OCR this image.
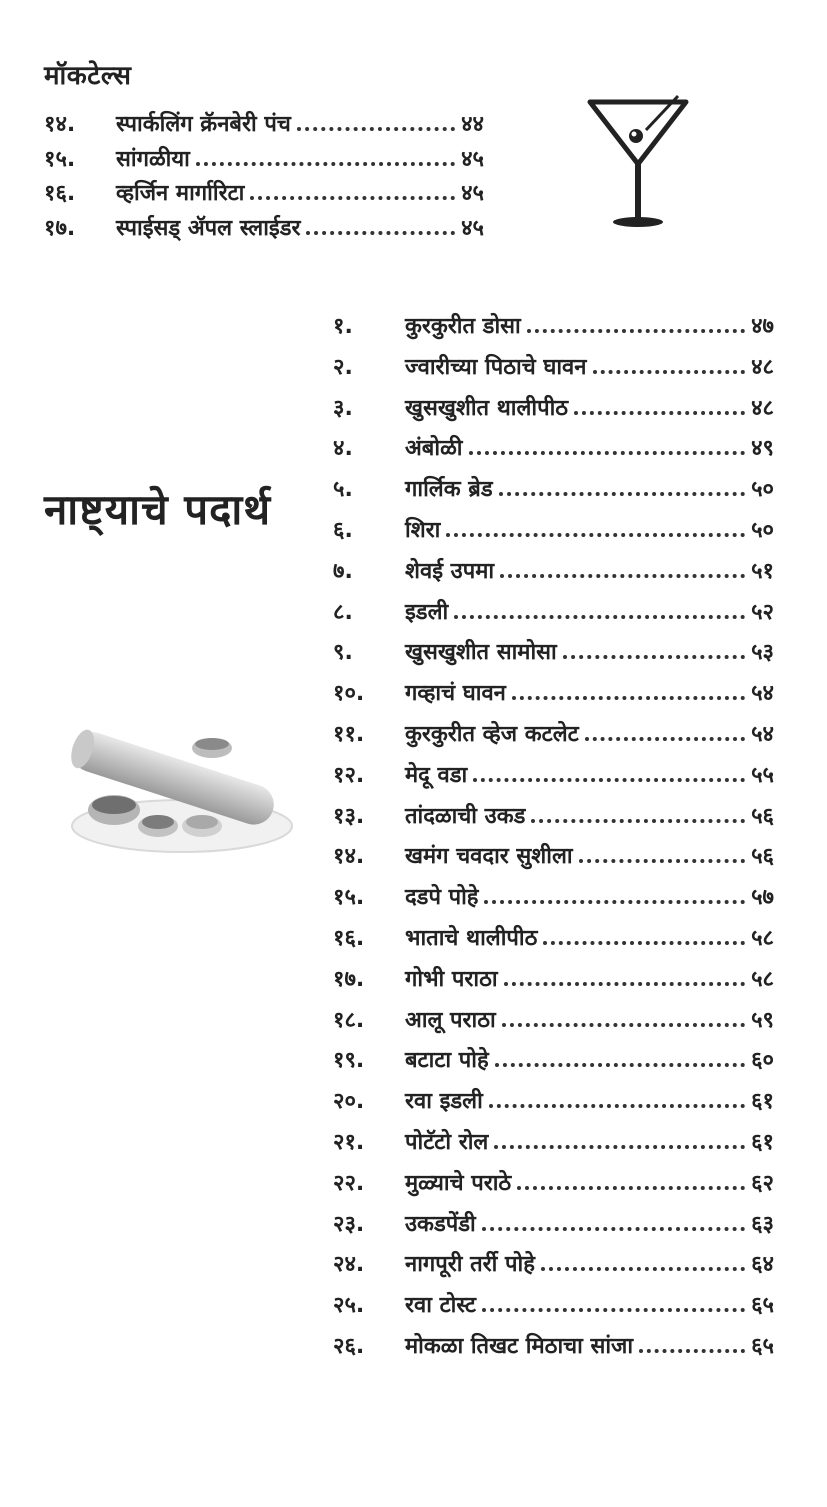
मॉकटेल्स
१४.	स्पार्कलिंग क्रॅनबेरी पंच	४४
१५.	सांगळीया	४५
१६.	व्हर्जिन मार्गारिटा	४५
१७.	स्पाईसड् ॲपल स्लाईडर	४५
नाष्ट्याचे पदार्थ
१.	कुरकुरीत डोसा	४७
२.	ज्वारीच्या पिठाचे घावन	४८
३.	खुसखुशीत थालीपीठ	४८
४.	अंबोळी	४९
५.	गार्लिक ब्रेड	५०
६.	शिरा	५०
७.	शेवई उपमा	५१
८.	इडली	५२
९.	खुसखुशीत सामोसा	५३
१०.	गव्हाचं घावन	५४
११.	कुरकुरीत व्हेज कटलेट	५४
१२.	मेदू वडा	५५
१३.	तांदळाची उकड	५६
१४.	खमंग चवदार सुशीला	५६
१५.	दडपे पोहे	५७
१६.	भाताचे थालीपीठ	५८
१७.	गोभी पराठा	५८
१८.	आलू पराठा	५९
१९.	बटाटा पोहे	६०
२०.	रवा इडली	६१
२१.	पोटॅटो रोल	६१
२२.	मुळ्याचे पराठे	६२
२३.	उकडपेंडी	६३
२४.	नागपूरी तर्री पोहे	६४
२५.	रवा टोस्ट	६५
२६.	मोकळा तिखट मिठाचा सांजा	६५
